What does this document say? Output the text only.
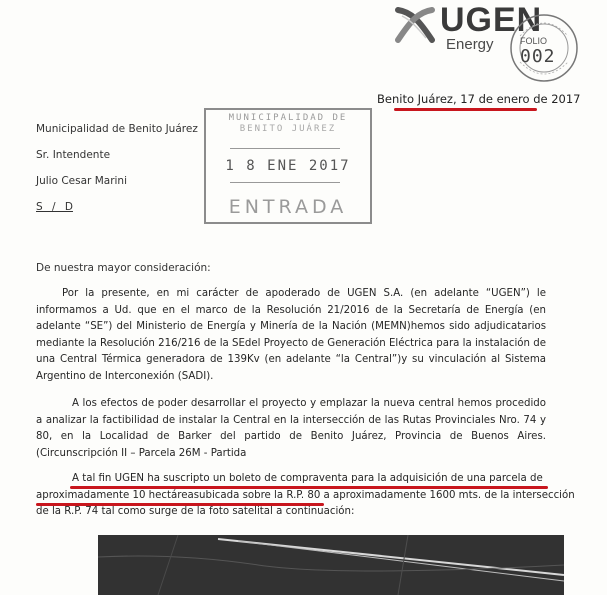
UGEN
Energy	FOLIO
002
Benito Juárez, 17 de enero de 2017
Municipalidad de Benito Juárez
Sr. Intendente
Julio Cesar Marini
S / D
MUNICIPALIDAD DE
BENITO JUÁREZ
1 8 ENE 2017
ENTRADA
De nuestra mayor consideración:
Por la presente, en mi carácter de apoderado de UGEN S.A. (en adelante “UGEN”) le informamos a Ud. que en el marco de la Resolución 21/2016 de la Secretaría de Energía (en adelante “SE”) del Ministerio de Energía y Minería de la Nación (MEMN)hemos sido adjudicatarios mediante la Resolución 216/216 de la SEdel Proyecto de Generación Eléctrica para la instalación de una Central Térmica generadora de 139Kv (en adelante “la Central”)y su vinculación al Sistema Argentino de Interconexión (SADI).
A los efectos de poder desarrollar el proyecto y emplazar la nueva central hemos procedido a analizar la factibilidad de instalar la Central en la intersección de las Rutas Provinciales Nro. 74 y 80, en la Localidad de Barker del partido de Benito Juárez, Provincia de Buenos Aires. (Circunscripción II – Parcela 26M - Partida
A tal fin UGEN ha suscripto un boleto de compraventa para la adquisición de una parcela de
aproximadamente 10 hectáreasubicada sobre la R.P. 80 a aproximadamente 1600 mts. de la intersección
de la R.P. 74 tal como surge de la foto satelital a continuación:
